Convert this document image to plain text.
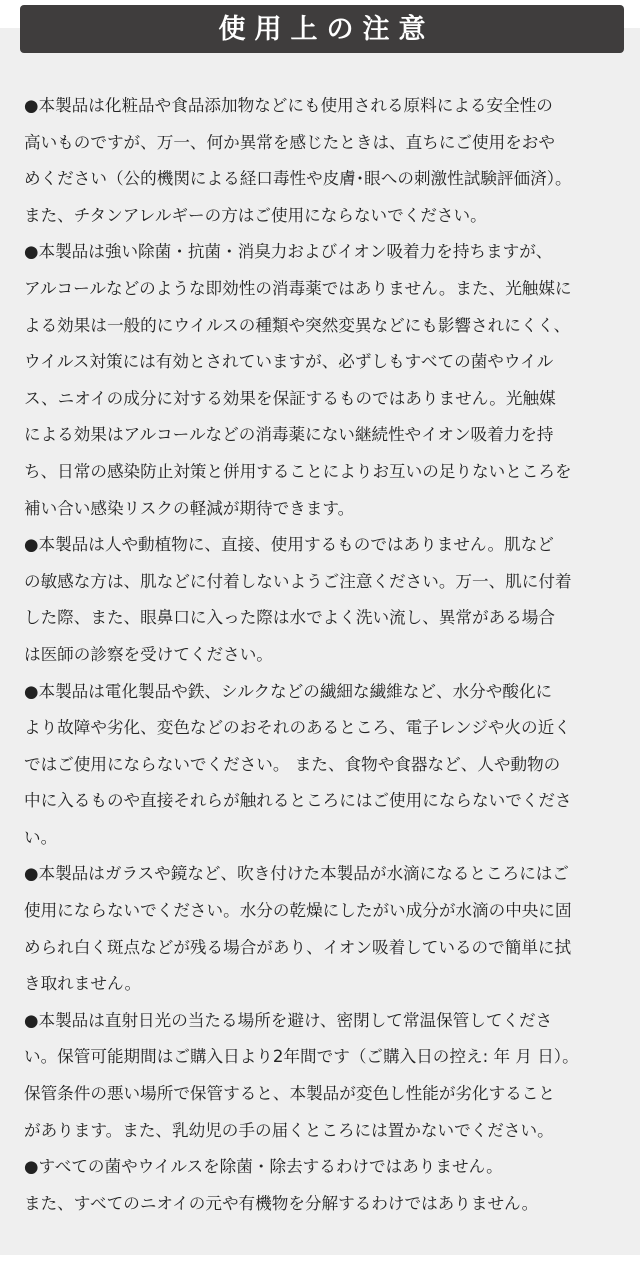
使用上の注意
●本製品は化粧品や食品添加物などにも使用される原料による安全性の
高いものですが、万一、何か異常を感じたときは、直ちにご使用をおや
めください（公的機関による経口毒性や皮膚･眼への刺激性試験評価済）。
また、チタンアレルギーの方はご使用にならないでください。
●本製品は強い除菌・抗菌・消臭力およびイオン吸着力を持ちますが、
アルコールなどのような即効性の消毒薬ではありません。また、光触媒に
よる効果は一般的にウイルスの種類や突然変異などにも影響されにくく、
ウイルス対策には有効とされていますが、必ずしもすべての菌やウイル
ス、ニオイの成分に対する効果を保証するものではありません。光触媒
による効果はアルコールなどの消毒薬にない継続性やイオン吸着力を持
ち、日常の感染防止対策と併用することによりお互いの足りないところを
補い合い感染リスクの軽減が期待できます。
●本製品は人や動植物に、直接、使用するものではありません。肌など
の敏感な方は、肌などに付着しないようご注意ください。万一、肌に付着
した際、また、眼鼻口に入った際は水でよく洗い流し、異常がある場合
は医師の診察を受けてください。
●本製品は電化製品や鉄、シルクなどの繊細な繊維など、水分や酸化に
より故障や劣化、変色などのおそれのあるところ、電子レンジや火の近く
ではご使用にならないでください。 また、食物や食器など、人や動物の
中に入るものや直接それらが触れるところにはご使用にならないでくださ
い。
●本製品はガラスや鏡など、吹き付けた本製品が水滴になるところにはご
使用にならないでください。水分の乾燥にしたがい成分が水滴の中央に固
められ白く斑点などが残る場合があり、イオン吸着しているので簡単に拭
き取れません。
●本製品は直射日光の当たる場所を避け、密閉して常温保管してくださ
い。保管可能期間はご購入日より2年間です（ご購入日の控え: 年 月 日）。
保管条件の悪い場所で保管すると、本製品が変色し性能が劣化すること
があります。また、乳幼児の手の届くところには置かないでください。
●すべての菌やウイルスを除菌・除去するわけではありません。
また、すべてのニオイの元や有機物を分解するわけではありません。
